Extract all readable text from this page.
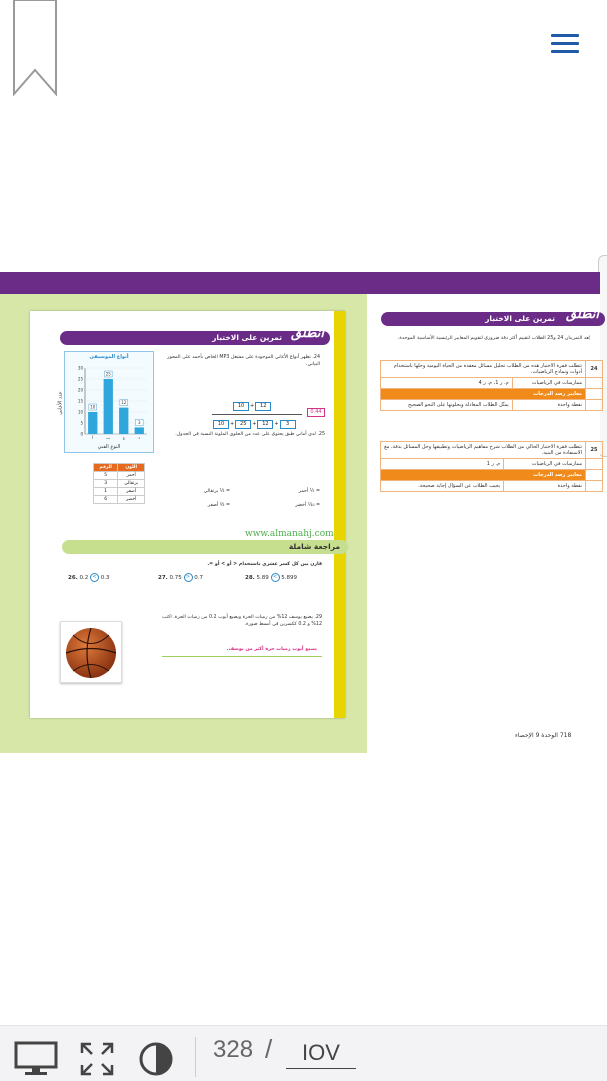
انطلق
تمرين على الاختبار
أنواع الموسيقى
0
5
10
15
20
25
30
10
أ
25
ب
12
ج
3
د
النوع الفني
عدد الأغاني
24. تظهر أنواع الأغاني الموجودة على مشغل MP3 الخاص بأحمد على المحور البياني.
10 + 12
10 + 25 + 12 + 3
0.44
الرقم	اللون
5	أحمر
3	برتقالي
1	أصفر
6	أخضر
25. لدى أماني طبق يحتوي على عدد من الحلوى الملونة النسبة في الجدول.
= ½ أحمر
= ⅓ برتقالي
= ⅒ أخضر
= ⅔ أصفر
مراجعة شاملة
قارن بين كل كسر عشري باستخدام < أو > أو =.
26. 0.2 < 0.3	27. 0.75 > 0.7	28. 5.89 < 5.899
29. يضيع يوسف 12% من رميات الحرة ويضيع أيوب 0.2 من رميات الحرة. اكتب 12% و 0.2 ككسرين في أبسط صورة.
يضيع أيوب رميات حرة أكثر من يوسف.
www.almanahj.com
انطلق
تمرين على الاختبار
يُعد التمرينان 24 و25 الطلاب لتقييم أكثر دقة ضروري لتقويم المعايير الرئيسية الأساسية الموحدة.
24	تتطلب فقرة الاختبار هذه من الطلاب تحليل مسائل معقدة من الحياة اليومية وحلها باستخدام أدوات ونماذج الرياضيات.	
	ممارسات في الرياضيات	م. ر 1، م. ر 4
	معايير رصد الدرجات	
	نقطة واحدة	يمثّل الطلاب المعادلة ويحلونها على النحو الصحيح
25	تتطلب فقرة الاختبار الحالي من الطلاب شرح مفاهيم الرياضيات وتطبيقها وحل المسائل بدقة، مع الاستفادة من البنية.	
	ممارسات في الرياضيات	م. ر 1
	معايير رصد الدرجات	
	نقطة واحدة	يجيب الطلاب عن السؤال إجابة صحيحة.
718 الوحدة 9 الإحصاء
328 /
IOV
